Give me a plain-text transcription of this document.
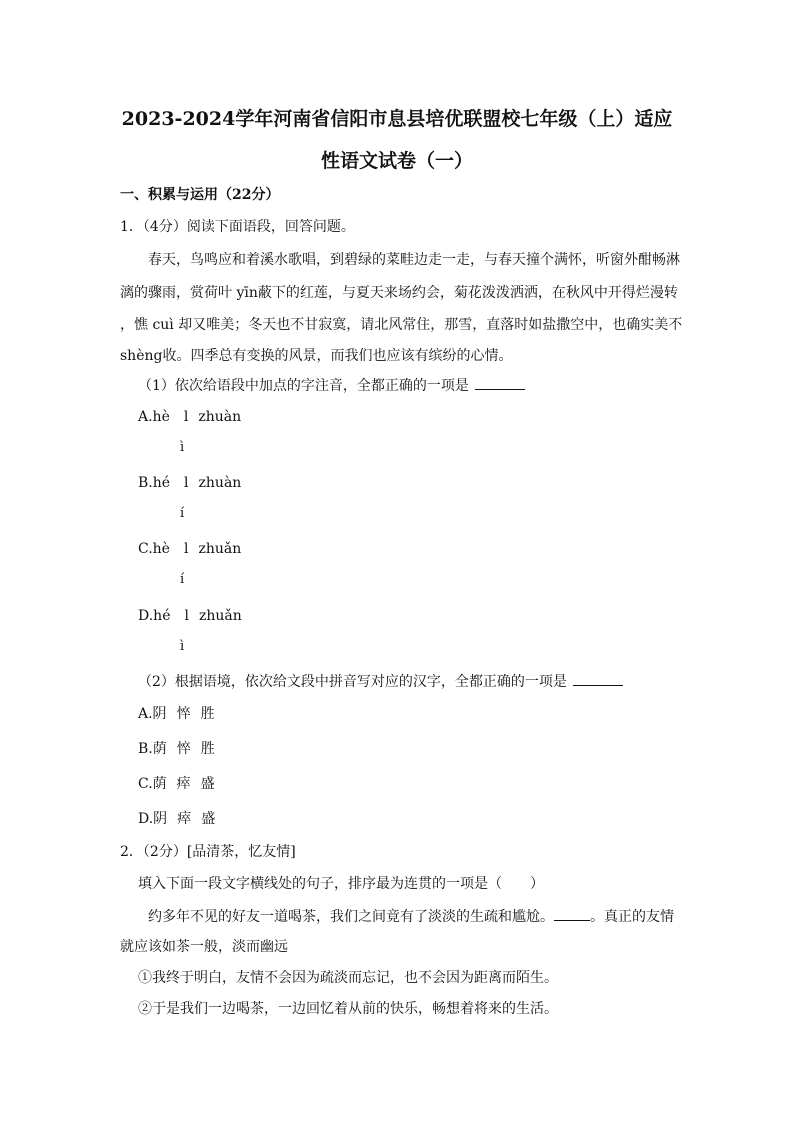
2023-2024学年河南省信阳市息县培优联盟校七年级（上）适应
性语文试卷（一）
一、积累与运用（22分）
1．（4分）阅读下面语段，回答问题。
春天，鸟鸣应和着溪水歌唱，到碧绿的菜畦边走一走，与春天撞个满怀，听窗外酣畅淋
漓的骤雨，赏荷叶 yīn蔽下的红莲，与夏天来场约会，菊花泼泼洒洒，在秋风中开得烂漫转
，憔 cuì 却又唯美；冬天也不甘寂寞，请北风常住，那雪，直落时如盐撒空中，也确实美不
shèng收。四季总有变换的风景，而我们也应该有缤纷的心情。
（1）依次给语段中加点的字注音，全都正确的一项是
A.hè l zhuàn
ì
B.hé l zhuàn
í
C.hè l zhuǎn
í
D.hé l zhuǎn
ì
（2）根据语境，依次给文段中拼音写对应的汉字，全都正确的一项是
A.阴 悴 胜
B.荫 悴 胜
C.荫 瘁 盛
D.阴 瘁 盛
2．（2分）[品清茶，忆友情]
填入下面一段文字横线处的句子，排序最为连贯的一项是（　　）
约多年不见的好友一道喝茶，我们之间竟有了淡淡的生疏和尴尬。	。真正的友情
就应该如茶一般，淡而幽远
①我终于明白，友情不会因为疏淡而忘记，也不会因为距离而陌生。
②于是我们一边喝茶，一边回忆着从前的快乐，畅想着将来的生活。
